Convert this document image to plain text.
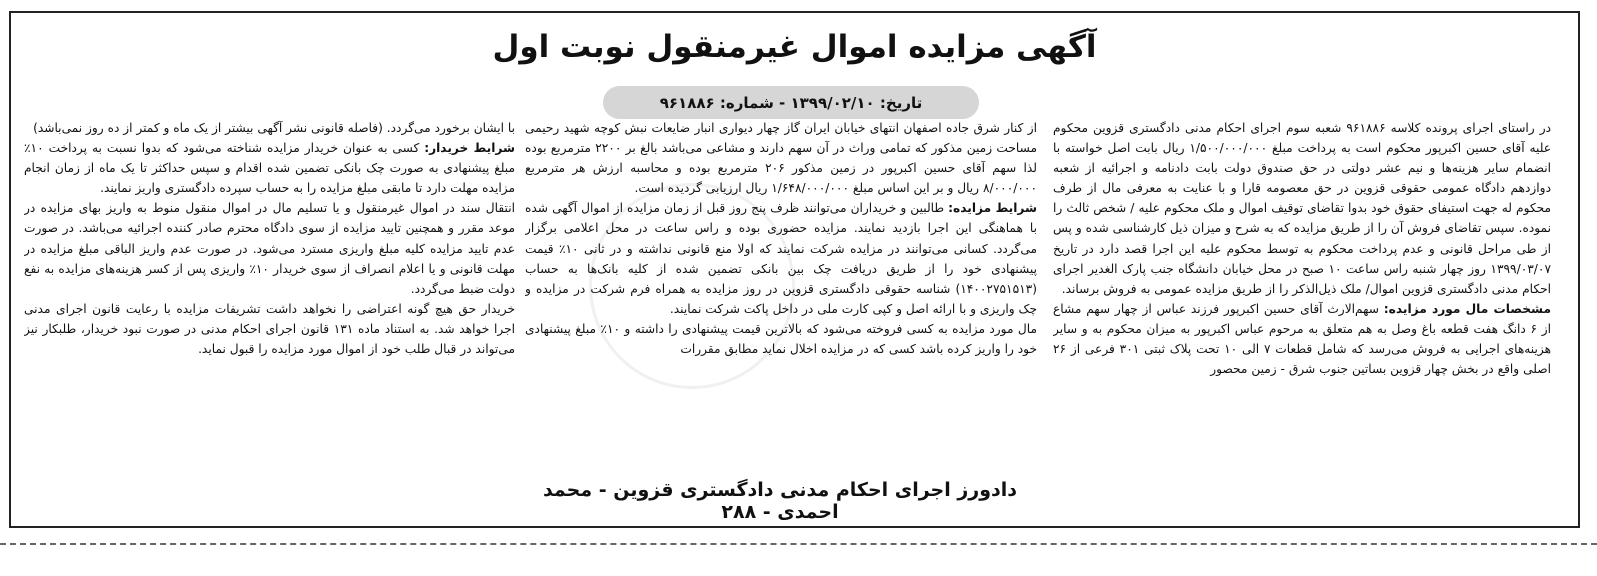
آگهی مزایده اموال غیرمنقول نوبت اول
تاریخ: ۱۳۹۹/۰۲/۱۰ - شماره: ۹۶۱۸۸۶

در راستای اجرای پرونده کلاسه ۹۶۱۸۸۶ شعبه سوم اجرای احکام مدنی دادگستری قزوین محکوم علیه آقای حسین اکبرپور محکوم است به پرداخت مبلغ ۱/۵۰۰/۰۰۰/۰۰۰ ریال بابت اصل خواسته با انضمام سایر هزینه‌ها و نیم عشر دولتی در حق صندوق دولت بابت دادنامه و اجرائیه از شعبه دوازدهم دادگاه عمومی حقوقی قزوین در حق معصومه قارا و با عنایت به معرفی مال از طرف محکوم له جهت استیفای حقوق خود بدوا تقاضای توقیف اموال و ملک محکوم علیه / شخص ثالث را نموده. سپس تقاضای فروش آن را از طریق مزایده که به شرح و میزان ذیل کارشناسی شده و پس از طی مراحل قانونی و عدم پرداخت محکوم به توسط محکوم علیه این اجرا قصد دارد در تاریخ ۱۳۹۹/۰۳/۰۷ روز چهار شنبه راس ساعت ۱۰ صبح در محل خیابان دانشگاه جنب پارک الغدیر اجرای احکام مدنی دادگستری قزوین اموال/ ملک ذیل‌الذکر را از طریق مزایده عمومی به فروش برساند.

مشخصات مال مورد مزایده: سهم‌الارث آقای حسین اکبرپور فرزند عباس از چهار سهم مشاع از ۶ دانگ هفت قطعه باغ وصل به هم متعلق به مرحوم عباس اکبرپور به میزان محکوم به و سایر هزینه‌های اجرایی به فروش می‌رسد که شامل قطعات ۷ الی ۱۰ تحت پلاک ثبتی ۳۰۱ فرعی از ۲۶ اصلی واقع در بخش چهار قزوین بساتین جنوب شرق - زمین محصور

از کنار شرق جاده اصفهان انتهای خیابان ایران گاز چهار دیواری انبار ضایعات نبش کوچه شهید رحیمی مساحت زمین مذکور که تمامی وراث در آن سهم دارند و مشاعی می‌باشد بالغ بر ۲۲۰۰ مترمربع بوده لذا سهم آقای حسین اکبرپور در زمین مذکور ۲۰۶ مترمربع بوده و محاسبه ارزش هر مترمربع ۸/۰۰۰/۰۰۰ ریال و بر این اساس مبلغ ۱/۶۴۸/۰۰۰/۰۰۰ ریال ارزیابی گردیده است.

شرایط مزایده: طالبین و خریداران می‌توانند ظرف پنج روز قبل از زمان مزایده از اموال آگهی شده با هماهنگی این اجرا بازدید نمایند. مزایده حضوری بوده و راس ساعت در محل اعلامی برگزار می‌گردد. کسانی می‌توانند در مزایده شرکت نمایند که اولا منع قانونی نداشته و در ثانی ۱۰٪ قیمت پیشنهادی خود را از طریق دریافت چک بین بانکی تضمین شده از کلیه بانک‌ها به حساب (۱۴۰۰۲۷۵۱۵۱۳) شناسه حقوقی دادگستری قزوین در روز مزایده به همراه فرم شرکت در مزایده و چک واریزی و با ارائه اصل و کپی کارت ملی در داخل پاکت شرکت نمایند.

مال مورد مزایده به کسی فروخته می‌شود که بالاترین قیمت پیشنهادی را داشته و ۱۰٪ مبلغ پیشنهادی خود را واریز کرده باشد کسی که در مزایده اخلال نماید مطابق مقررات

با ایشان برخورد می‌گردد. (فاصله قانونی نشر آگهی بیشتر از یک ماه و کمتر از ده روز نمی‌باشد)

شرایط خریدار: کسی به عنوان خریدار مزایده شناخته می‌شود که بدوا نسبت به پرداخت ۱۰٪ مبلغ پیشنهادی به صورت چک بانکی تضمین شده اقدام و سپس حداکثر تا یک ماه از زمان انجام مزایده مهلت دارد تا مابقی مبلغ مزایده را به حساب سپرده دادگستری واریز نمایند.

انتقال سند در اموال غیرمنقول و یا تسلیم مال در اموال منقول منوط به واریز بهای مزایده در موعد مقرر و همچنین تایید مزایده از سوی دادگاه محترم صادر کننده اجرائیه می‌باشد. در صورت عدم تایید مزایده کلیه مبلغ واریزی مسترد می‌شود. در صورت عدم واریز الباقی مبلغ مزایده در مهلت قانونی و یا اعلام انصراف از سوی خریدار ۱۰٪ واریزی پس از کسر هزینه‌های مزایده به نفع دولت ضبط می‌گردد.

خریدار حق هیچ گونه اعتراضی را نخواهد داشت تشریفات مزایده با رعایت قانون اجرای مدنی اجرا خواهد شد. به استناد ماده ۱۳۱ قانون اجرای احکام مدنی در صورت نبود خریدار، طلبکار نیز می‌تواند در قبال طلب خود از اموال مورد مزایده را قبول نماید.

دادورز اجرای احکام مدنی دادگستری قزوین - محمد احمدی - ۲۸۸
